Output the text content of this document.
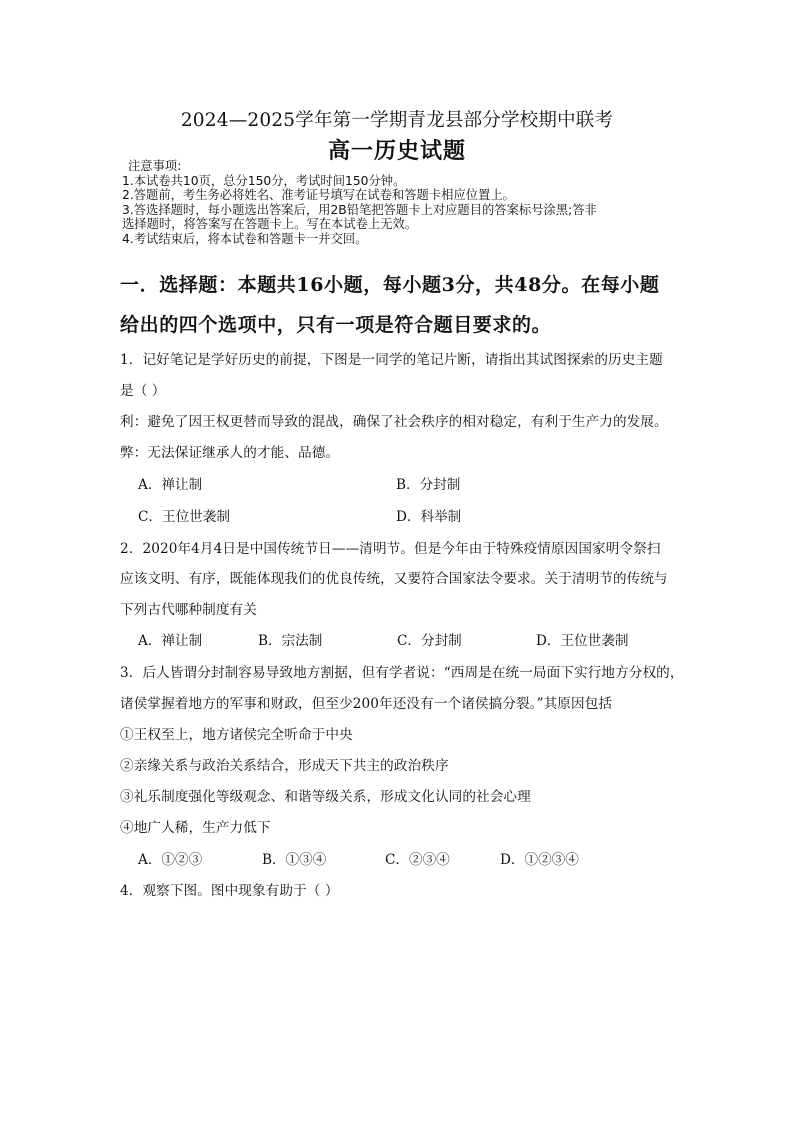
2024—2025学年第一学期青龙县部分学校期中联考
高一历史试题
注意事项:
1.本试卷共10页，总分150分，考试时间150分钟。
2.答题前，考生务必将姓名、准考证号填写在试卷和答题卡相应位置上。
3.答选择题时，每小题选出答案后，用2B铅笔把答题卡上对应题目的答案标号涂黑;答非
选择题时，将答案写在答题卡上。写在本试卷上无效。
4.考试结束后，将本试卷和答题卡一并交回。
一．选择题：本题共16小题，每小题3分，共48分。在每小题
给出的四个选项中，只有一项是符合题目要求的。
1．记好笔记是学好历史的前提，下图是一同学的笔记片断，请指出其试图探索的历史主题
是（ ）
利：避免了因王权更替而导致的混战，确保了社会秩序的相对稳定，有利于生产力的发展。
弊：无法保证继承人的才能、品德。
A．禅让制	B．分封制
C．王位世袭制	D．科举制
2．2020年4月4日是中国传统节日——清明节。但是今年由于特殊疫情原因国家明令祭扫
应该文明、有序，既能体现我们的优良传统，又要符合国家法令要求。关于清明节的传统与
下列古代哪种制度有关
A．禅让制	B．宗法制	C．分封制	D．王位世袭制
3．后人皆谓分封制容易导致地方割据，但有学者说：“西周是在统一局面下实行地方分权的，
诸侯掌握着地方的军事和财政，但至少200年还没有一个诸侯搞分裂。”其原因包括
①王权至上，地方诸侯完全听命于中央
②亲缘关系与政治关系结合，形成天下共主的政治秩序
③礼乐制度强化等级观念、和谐等级关系，形成文化认同的社会心理
④地广人稀，生产力低下
A．①②③	B．①③④	C．②③④	D．①②③④
4．观察下图。图中现象有助于（ ）
